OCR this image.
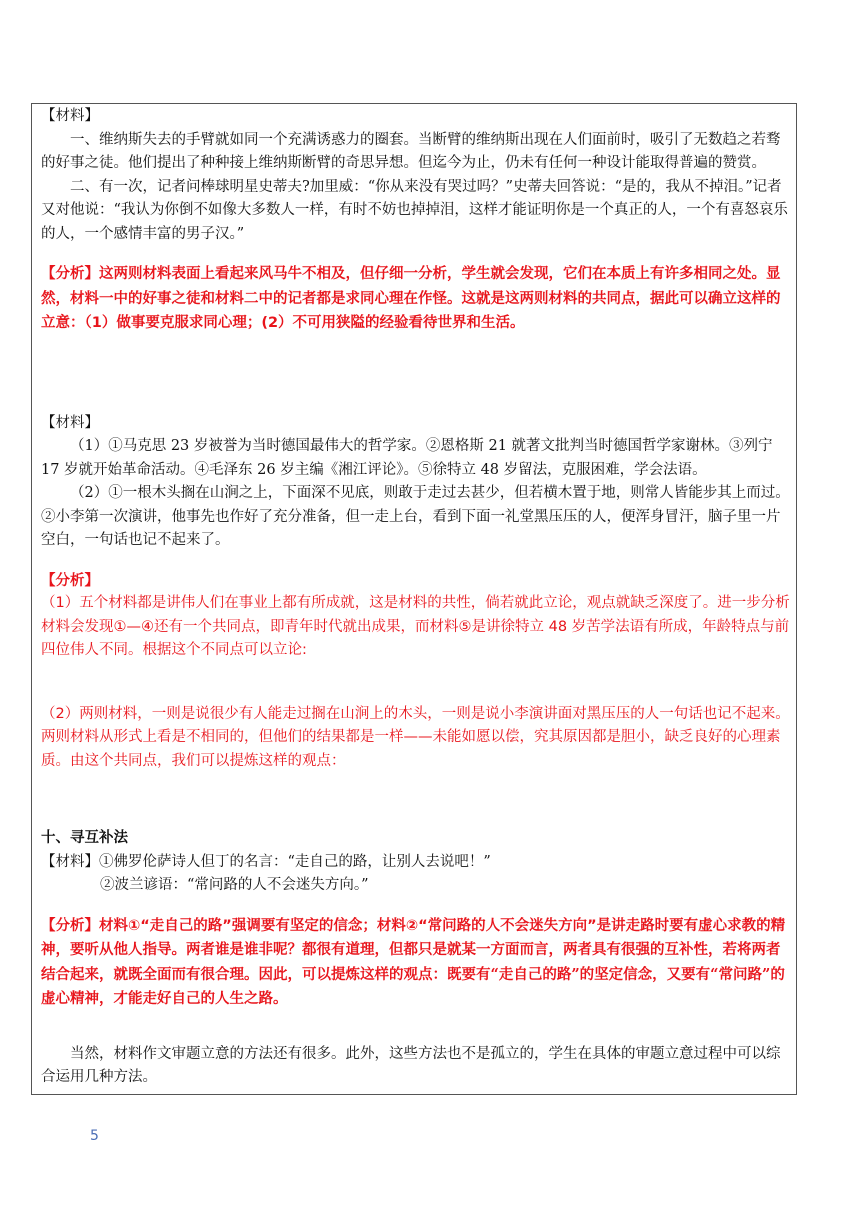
【材料】

一、维纳斯失去的手臂就如同一个充满诱惑力的圈套。当断臂的维纳斯出现在人们面前时，吸引了无数趋之若骛的好事之徒。他们提出了种种接上维纳斯断臂的奇思异想。但迄今为止，仍未有任何一种设计能取得普遍的赞赏。

二、有一次，记者问棒球明星史蒂夫?加里威：“你从来没有哭过吗？”史蒂夫回答说：“是的，我从不掉泪。”记者又对他说：“我认为你倒不如像大多数人一样，有时不妨也掉掉泪，这样才能证明你是一个真正的人，一个有喜怒哀乐的人，一个感情丰富的男子汉。”

【分析】这两则材料表面上看起来风马牛不相及，但仔细一分析，学生就会发现，它们在本质上有许多相同之处。显然，材料一中的好事之徒和材料二中的记者都是求同心理在作怪。这就是这两则材料的共同点，据此可以确立这样的立意：（1）做事要克服求同心理；(2）不可用狭隘的经验看待世界和生活。

【材料】

（1）①马克思 23 岁被誉为当时德国最伟大的哲学家。②恩格斯 21 就著文批判当时德国哲学家谢林。③列宁 17 岁就开始革命活动。④毛泽东 26 岁主编《湘江评论》。⑤徐特立 48 岁留法，克服困难，学会法语。

（2）①一根木头搁在山涧之上，下面深不见底，则敢于走过去甚少，但若横木置于地，则常人皆能步其上而过。②小李第一次演讲，他事先也作好了充分准备，但一走上台，看到下面一礼堂黑压压的人，便浑身冒汗，脑子里一片空白，一句话也记不起来了。

【分析】

（1）五个材料都是讲伟人们在事业上都有所成就，这是材料的共性，倘若就此立论，观点就缺乏深度了。进一步分析材料会发现①—④还有一个共同点，即青年时代就出成果，而材料⑤是讲徐特立 48 岁苦学法语有所成，年龄特点与前四位伟人不同。根据这个不同点可以立论:

（2）两则材料，一则是说很少有人能走过搁在山涧上的木头，一则是说小李演讲面对黑压压的人一句话也记不起来。两则材料从形式上看是不相同的，但他们的结果都是一样——未能如愿以偿，究其原因都是胆小，缺乏良好的心理素质。由这个共同点，我们可以提炼这样的观点：

十、寻互补法

【材料】①佛罗伦萨诗人但丁的名言：“走自己的路，让别人去说吧！”

②波兰谚语：“常问路的人不会迷失方向。”

【分析】材料①“走自己的路”强调要有坚定的信念；材料②“常问路的人不会迷失方向”是讲走路时要有虚心求教的精神，要听从他人指导。两者谁是谁非呢？都很有道理，但都只是就某一方面而言，两者具有很强的互补性，若将两者结合起来，就既全面而有很合理。因此，可以提炼这样的观点：既要有“走自己的路”的坚定信念，又要有“常问路”的虚心精神，才能走好自己的人生之路。

当然，材料作文审题立意的方法还有很多。此外，这些方法也不是孤立的，学生在具体的审题立意过程中可以综合运用几种方法。

5
